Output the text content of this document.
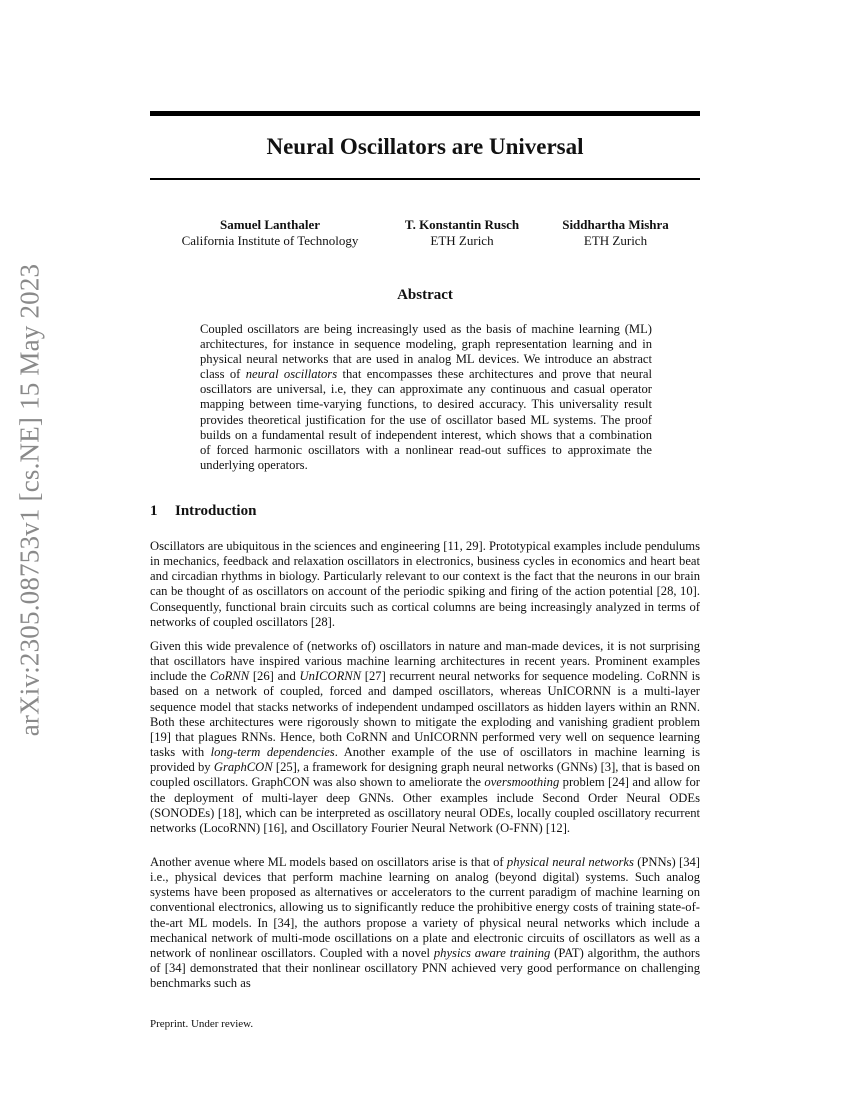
arXiv:2305.08753v1 [cs.NE] 15 May 2023
Neural Oscillators are Universal
Samuel Lanthaler
California Institute of Technology
T. Konstantin Rusch
ETH Zurich
Siddhartha Mishra
ETH Zurich
Abstract

Coupled oscillators are being increasingly used as the basis of machine learning (ML) architectures, for instance in sequence modeling, graph representation learning and in physical neural networks that are used in analog ML devices. We introduce an abstract class of neural oscillators that encompasses these architectures and prove that neural oscillators are universal, i.e, they can approximate any continuous and casual operator mapping between time-varying functions, to desired accuracy. This universality result provides theoretical justification for the use of oscillator based ML systems. The proof builds on a fundamental result of independent interest, which shows that a combination of forced harmonic oscillators with a nonlinear read-out suffices to approximate the underlying operators.

1 Introduction

Oscillators are ubiquitous in the sciences and engineering [11, 29]. Prototypical examples include pendulums in mechanics, feedback and relaxation oscillators in electronics, business cycles in economics and heart beat and circadian rhythms in biology. Particularly relevant to our context is the fact that the neurons in our brain can be thought of as oscillators on account of the periodic spiking and firing of the action potential [28, 10]. Consequently, functional brain circuits such as cortical columns are being increasingly analyzed in terms of networks of coupled oscillators [28].

Given this wide prevalence of (networks of) oscillators in nature and man-made devices, it is not surprising that oscillators have inspired various machine learning architectures in recent years. Prominent examples include the CoRNN [26] and UnICORNN [27] recurrent neural networks for sequence modeling. CoRNN is based on a network of coupled, forced and damped oscillators, whereas UnICORNN is a multi-layer sequence model that stacks networks of independent undamped oscillators as hidden layers within an RNN. Both these architectures were rigorously shown to mitigate the exploding and vanishing gradient problem [19] that plagues RNNs. Hence, both CoRNN and UnICORNN performed very well on sequence learning tasks with long-term dependencies. Another example of the use of oscillators in machine learning is provided by GraphCON [25], a framework for designing graph neural networks (GNNs) [3], that is based on coupled oscillators. GraphCON was also shown to ameliorate the oversmoothing problem [24] and allow for the deployment of multi-layer deep GNNs. Other examples include Second Order Neural ODEs (SONODEs) [18], which can be interpreted as oscillatory neural ODEs, locally coupled oscillatory recurrent networks (LocoRNN) [16], and Oscillatory Fourier Neural Network (O-FNN) [12].

Another avenue where ML models based on oscillators arise is that of physical neural networks (PNNs) [34] i.e., physical devices that perform machine learning on analog (beyond digital) systems. Such analog systems have been proposed as alternatives or accelerators to the current paradigm of machine learning on conventional electronics, allowing us to significantly reduce the prohibitive energy costs of training state-of-the-art ML models. In [34], the authors propose a variety of physical neural networks which include a mechanical network of multi-mode oscillations on a plate and electronic circuits of oscillators as well as a network of nonlinear oscillators. Coupled with a novel physics aware training (PAT) algorithm, the authors of [34] demonstrated that their nonlinear oscillatory PNN achieved very good performance on challenging benchmarks such as

Preprint. Under review.
